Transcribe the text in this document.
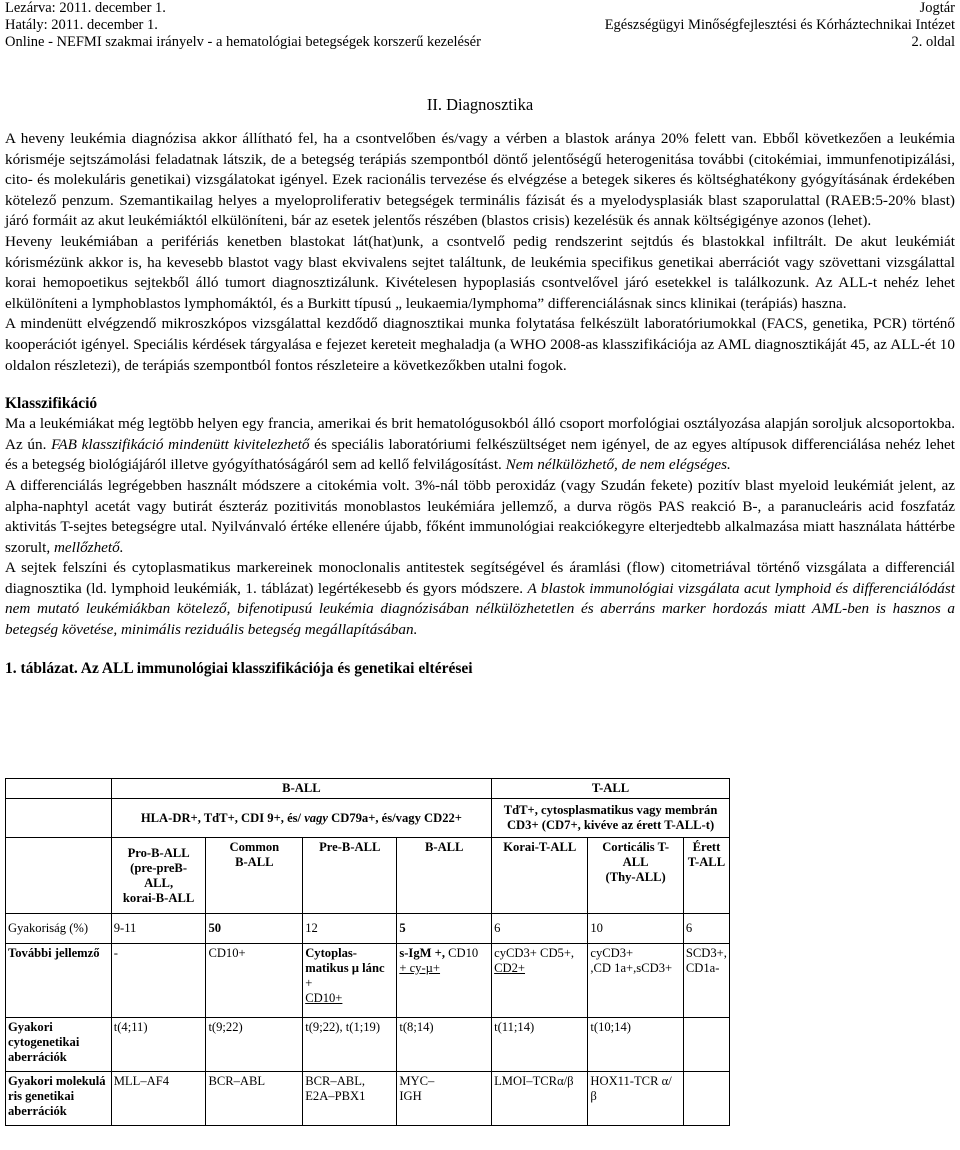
Lezárva: 2011. december 1.	Jogtár
Hatály: 2011. december 1.	Egészségügyi Minőségfejlesztési és Kórháztechnikai Intézet
Online - NEFMI szakmai irányelv - a hematológiai betegségek korszerű kezelésér	2. oldal
II. Diagnosztika

A heveny leukémia diagnózisa akkor állítható fel, ha a csontvelőben és/vagy a vérben a blastok aránya 20% felett van. Ebből következően a leukémia kórisméje sejtszámolási feladatnak látszik, de a betegség terápiás szempontból döntő jelentőségű heterogenitása további (citokémiai, immunfenotipizálási, cito- és molekuláris genetikai) vizsgálatokat igényel. Ezek racionális tervezése és elvégzése a betegek sikeres és költséghatékony gyógyításának érdekében kötelező penzum. Szemantikailag helyes a myeloproliferativ betegségek terminális fázisát és a myelodysplasiák blast szaporulattal (RAEB:5-20% blast) járó formáit az akut leukémiáktól elkülöníteni, bár az esetek jelentős részében (blastos crisis) kezelésük és annak költségigénye azonos (lehet).

Heveny leukémiában a perifériás kenetben blastokat lát(hat)unk, a csontvelő pedig rendszerint sejtdús és blastokkal infiltrált. De akut leukémiát kórismézünk akkor is, ha kevesebb blastot vagy blast ekvivalens sejtet találtunk, de leukémia specifikus genetikai aberrációt vagy szövettani vizsgálattal korai hemopoetikus sejtekből álló tumort diagnosztizálunk. Kivételesen hypoplasiás csontvelővel járó esetekkel is találkozunk. Az ALL-t nehéz lehet elkülöníteni a lymphoblastos lymphomáktól, és a Burkitt típusú „ leukaemia/lymphoma” differenciálásnak sincs klinikai (terápiás) haszna.

A mindenütt elvégzendő mikroszkópos vizsgálattal kezdődő diagnosztikai munka folytatása felkészült laboratóriumokkal (FACS, genetika, PCR) történő kooperációt igényel. Speciális kérdések tárgyalása e fejezet kereteit meghaladja (a WHO 2008-as klasszifikációja az AML diagnosztikáját 45, az ALL-ét 10 oldalon részletezi), de terápiás szempontból fontos részleteire a következőkben utalni fogok.

Klasszifikáció

Ma a leukémiákat még legtöbb helyen egy francia, amerikai és brit hematológusokból álló csoport morfológiai osztályozása alapján soroljuk alcsoportokba. Az ún. FAB klasszifikáció mindenütt kivitelezhető és speciális laboratóriumi felkészültséget nem igényel, de az egyes altípusok differenciálása nehéz lehet és a betegség biológiájáról illetve gyógyíthatóságáról sem ad kellő felvilágosítást. Nem nélkülözhető, de nem elégséges.

A differenciálás legrégebben használt módszere a citokémia volt. 3%-nál több peroxidáz (vagy Szudán fekete) pozitív blast myeloid leukémiát jelent, az alpha-naphtyl acetát vagy butirát észteráz pozitivitás monoblastos leukémiára jellemző, a durva rögös PAS reakció B-, a paranucleáris acid foszfatáz aktivitás T-sejtes betegségre utal. Nyilvánvaló értéke ellenére újabb, főként immunológiai reakciókegyre elterjedtebb alkalmazása miatt használata háttérbe szorult, mellőzhető.

A sejtek felszíni és cytoplasmatikus markereinek monoclonalis antitestek segítségével és áramlási (flow) citometriával történő vizsgálata a differenciál diagnosztika (ld. lymphoid leukémiák, 1. táblázat) legértékesebb és gyors módszere. A blastok immunológiai vizsgálata acut lymphoid és differenciálódást nem mutató leukémiákban kötelező, bifenotipusú leukémia diagnózisában nélkülözhetetlen és aberráns marker hordozás miatt AML-ben is hasznos a betegség követése, minimális reziduális betegség megállapításában.

1. táblázat. Az ALL immunológiai klasszifikációja és genetikai eltérései
	B-ALL				T-ALL		
	HLA-DR+, TdT+, CDI 9+, és/ vagy CD79a+, és/vagy CD22+				TdT+, cytosplasmatikus vagy membrán
CD3+ (CD7+, kivéve az érett T-ALL-t)		
	Pro-B-ALL
(pre-preB-
ALL,
korai-B-ALL	Common
B-ALL	Pre-B-ALL	B-ALL	Korai-T-ALL	Corticális T-
ALL
(Thy-ALL)	Érett
T-ALL
Gyakoriság (%)	9-11	50	12	5	6	10	6
További jellemző	-	CD10+	Cytoplas-
matikus µ lánc
+
CD10+	s-IgM +, CD10
+ cy-µ+	cyCD3+ CD5+,
CD2+	cyCD3+
,CD 1a+,sCD3+	SCD3+,
CD1a-
Gyakori
cytogenetikai
aberrációk	t(4;11)	t(9;22)	t(9;22), t(1;19)	t(8;14)	t(11;14)	t(10;14)	
Gyakori molekulá
ris genetikai
aberrációk	MLL–AF4	BCR–ABL	BCR–ABL,
E2A–PBX1	MYC–
IGH	LMOI–TCRα/β	HOX11-TCR α/
β	
